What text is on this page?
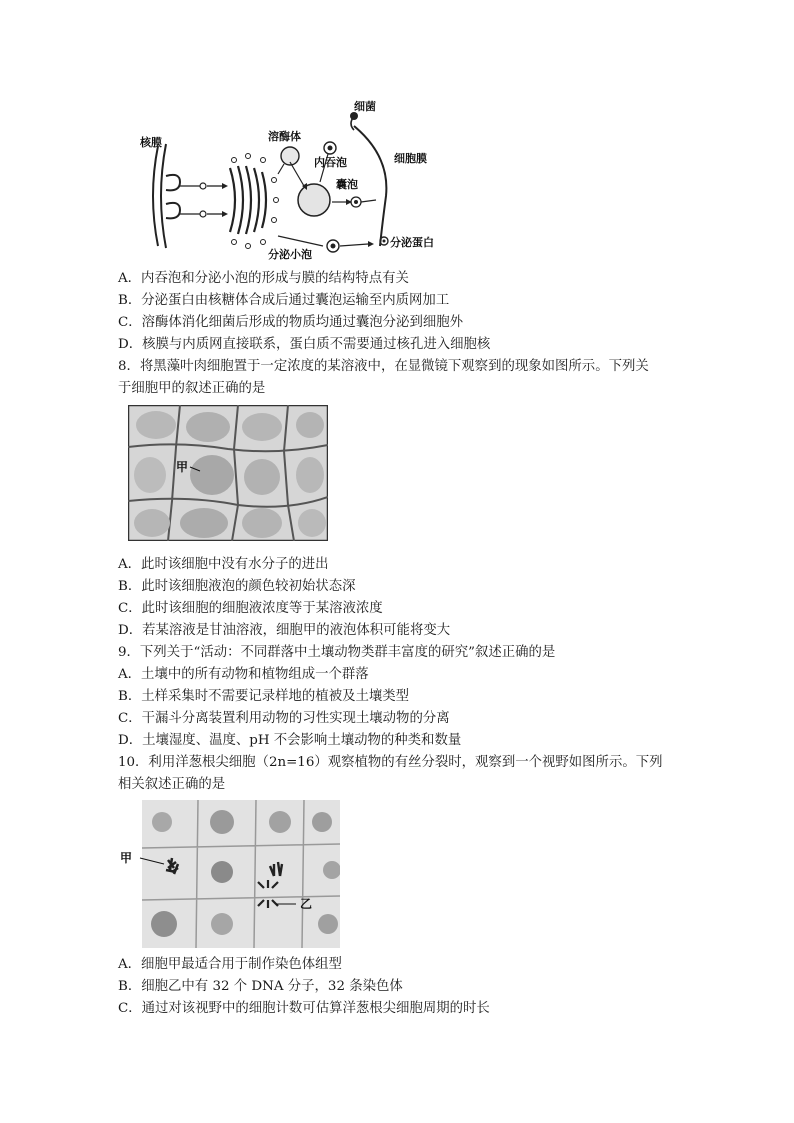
核膜	溶酶体
细菌
内吞泡	细胞膜
囊泡
分泌小泡
分泌蛋白
A．内吞泡和分泌小泡的形成与膜的结构特点有关
B．分泌蛋白由核糖体合成后通过囊泡运输至内质网加工
C．溶酶体消化细菌后形成的物质均通过囊泡分泌到细胞外
D．核膜与内质网直接联系，蛋白质不需要通过核孔进入细胞核
8．将黑藻叶肉细胞置于一定浓度的某溶液中，在显微镜下观察到的现象如图所示。下列关
于细胞甲的叙述正确的是
甲
A．此时该细胞中没有水分子的进出
B．此时该细胞液泡的颜色较初始状态深
C．此时该细胞的细胞液浓度等于某溶液浓度
D．若某溶液是甘油溶液，细胞甲的液泡体积可能将变大
9．下列关于“活动：不同群落中土壤动物类群丰富度的研究”叙述正确的是
A．土壤中的所有动物和植物组成一个群落
B．土样采集时不需要记录样地的植被及土壤类型
C．干漏斗分离装置利用动物的习性实现土壤动物的分离
D．土壤湿度、温度、pH 不会影响土壤动物的种类和数量
10．利用洋葱根尖细胞（2n=16）观察植物的有丝分裂时，观察到一个视野如图所示。下列
相关叙述正确的是
甲
乙
A．细胞甲最适合用于制作染色体组型
B．细胞乙中有 32 个 DNA 分子，32 条染色体
C．通过对该视野中的细胞计数可估算洋葱根尖细胞周期的时长
